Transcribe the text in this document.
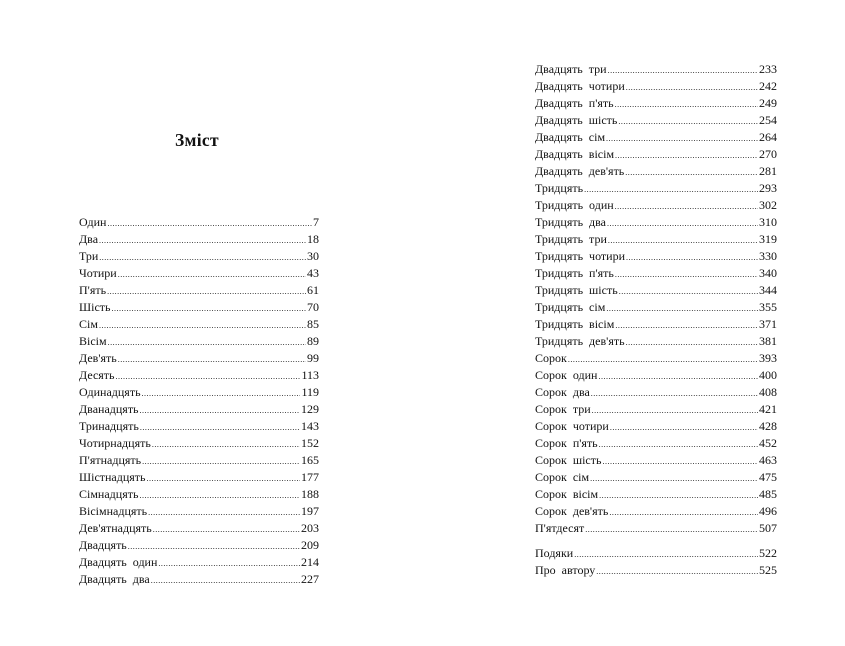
Зміст
Один .....	7
Два .....	18
Три .....	30
Чотири .....	43
П'ять .....	61
Шість .....	70
Сім .....	85
Вісім .....	89
Дев'ять .....	99
Десять .....	113
Одинадцять .....	119
Дванадцять .....	129
Тринадцять .....	143
Чотирнадцять .....	152
П'ятнадцять .....	165
Шістнадцять .....	177
Сімнадцять .....	188
Вісімнадцять .....	197
Дев'ятнадцять .....	203
Двадцять .....	209
Двадцять один .....	214
Двадцять два .....	227
Двадцять три .....	233
Двадцять чотири .....	242
Двадцять п'ять .....	249
Двадцять шість .....	254
Двадцять сім .....	264
Двадцять вісім .....	270
Двадцять дев'ять .....	281
Тридцять .....	293
Тридцять один .....	302
Тридцять два .....	310
Тридцять три .....	319
Тридцять чотири .....	330
Тридцять п'ять .....	340
Тридцять шість .....	344
Тридцять сім .....	355
Тридцять вісім .....	371
Тридцять дев'ять .....	381
Сорок .....	393
Сорок один .....	400
Сорок два .....	408
Сорок три .....	421
Сорок чотири .....	428
Сорок п'ять .....	452
Сорок шість .....	463
Сорок сім .....	475
Сорок вісім .....	485
Сорок дев'ять .....	496
П'ятдесят .....	507
Подяки .....	522
Про автору .....	525
